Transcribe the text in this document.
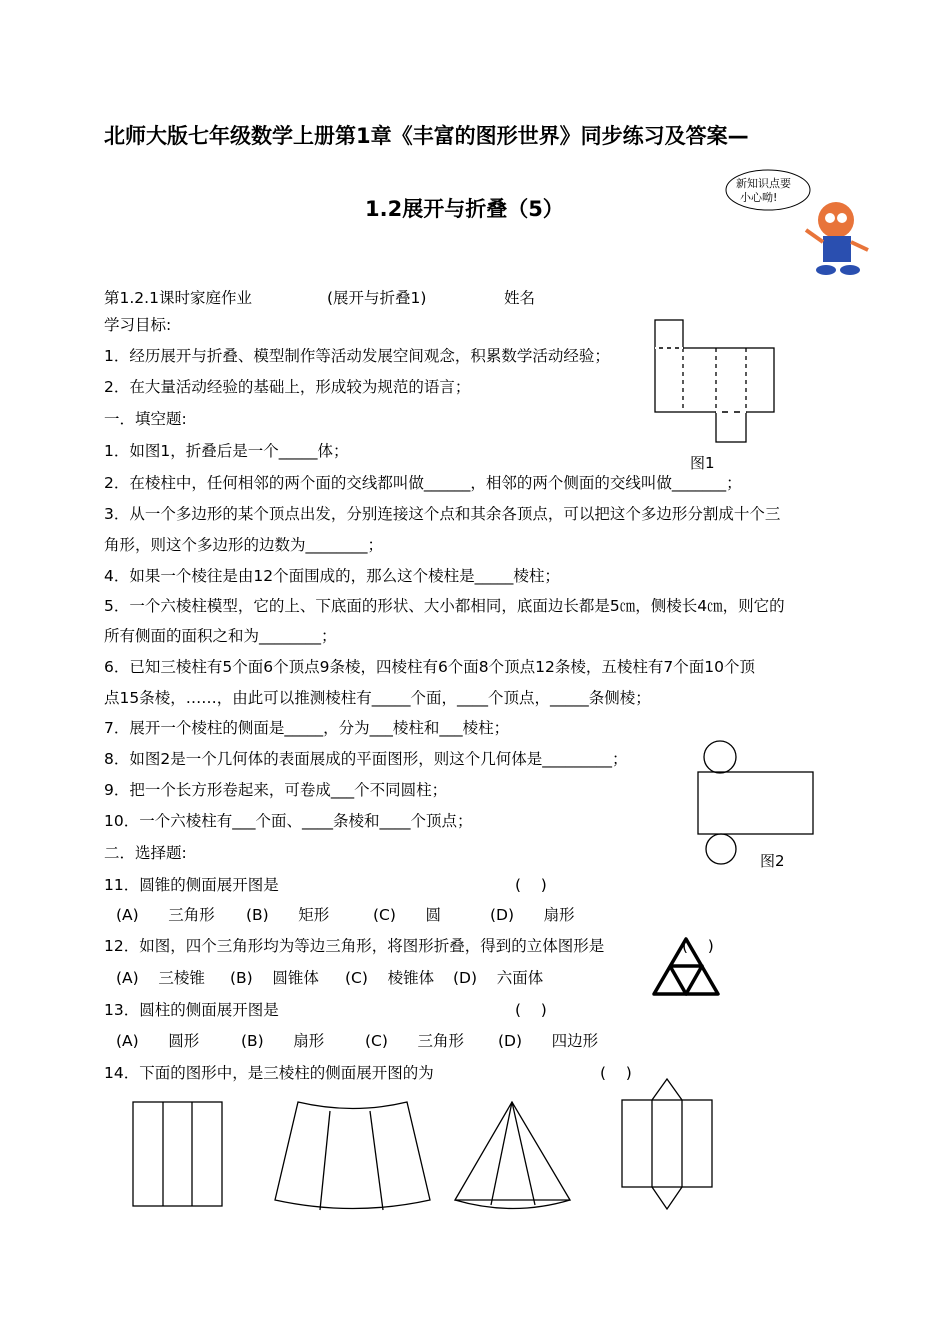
北师大版七年级数学上册第1章《丰富的图形世界》同步练习及答案—
1.2展开与折叠（5）
新知识点要
小心呦!
第1.2.1课时家庭作业	(展开与折叠1)	姓名
学习目标:
1．经历展开与折叠、模型制作等活动发展空间观念，积累数学活动经验；
2．在大量活动经验的基础上，形成较为规范的语言；
一．填空题:
1．如图1，折叠后是一个_____体；
2．在棱柱中，任何相邻的两个面的交线都叫做______，相邻的两个侧面的交线叫做_______；
3．从一个多边形的某个顶点出发，分别连接这个点和其余各顶点，可以把这个多边形分割成十个三
角形，则这个多边形的边数为________；
4．如果一个棱往是由12个面围成的，那么这个棱柱是_____棱柱；
5．一个六棱柱模型，它的上、下底面的形状、大小都相同，底面边长都是5㎝，侧棱长4㎝，则它的
所有侧面的面积之和为________；
6．已知三棱柱有5个面6个顶点9条棱，四棱柱有6个面8个顶点12条棱，五棱柱有7个面10个顶
点15条棱，……，由此可以推测棱柱有_____个面，____个顶点，_____条侧棱；
7．展开一个棱柱的侧面是_____，分为___棱柱和___棱柱；
8．如图2是一个几何体的表面展成的平面图形，则这个几何体是_________；
9．把一个长方形卷起来，可卷成___个不同圆柱；
10．一个六棱柱有___个面、____条棱和____个顶点；
图1
图2
二．选择题:
11．圆锥的侧面展开图是	(    )
(A)      三角形 (B)      矩形	(C)      圆	(D)      扇形
12．如图，四个三角形均为等边三角形，将图形折叠，得到的立体图形是	(    )
(A)    三棱锥 (B)    圆锥体 (C)    棱锥体 (D)    六面体
13．圆柱的侧面展开图是	(    )
(A)      圆形	(B)      扇形	(C)      三角形 (D)      四边形
14．下面的图形中，是三棱柱的侧面展开图的为	(    )
